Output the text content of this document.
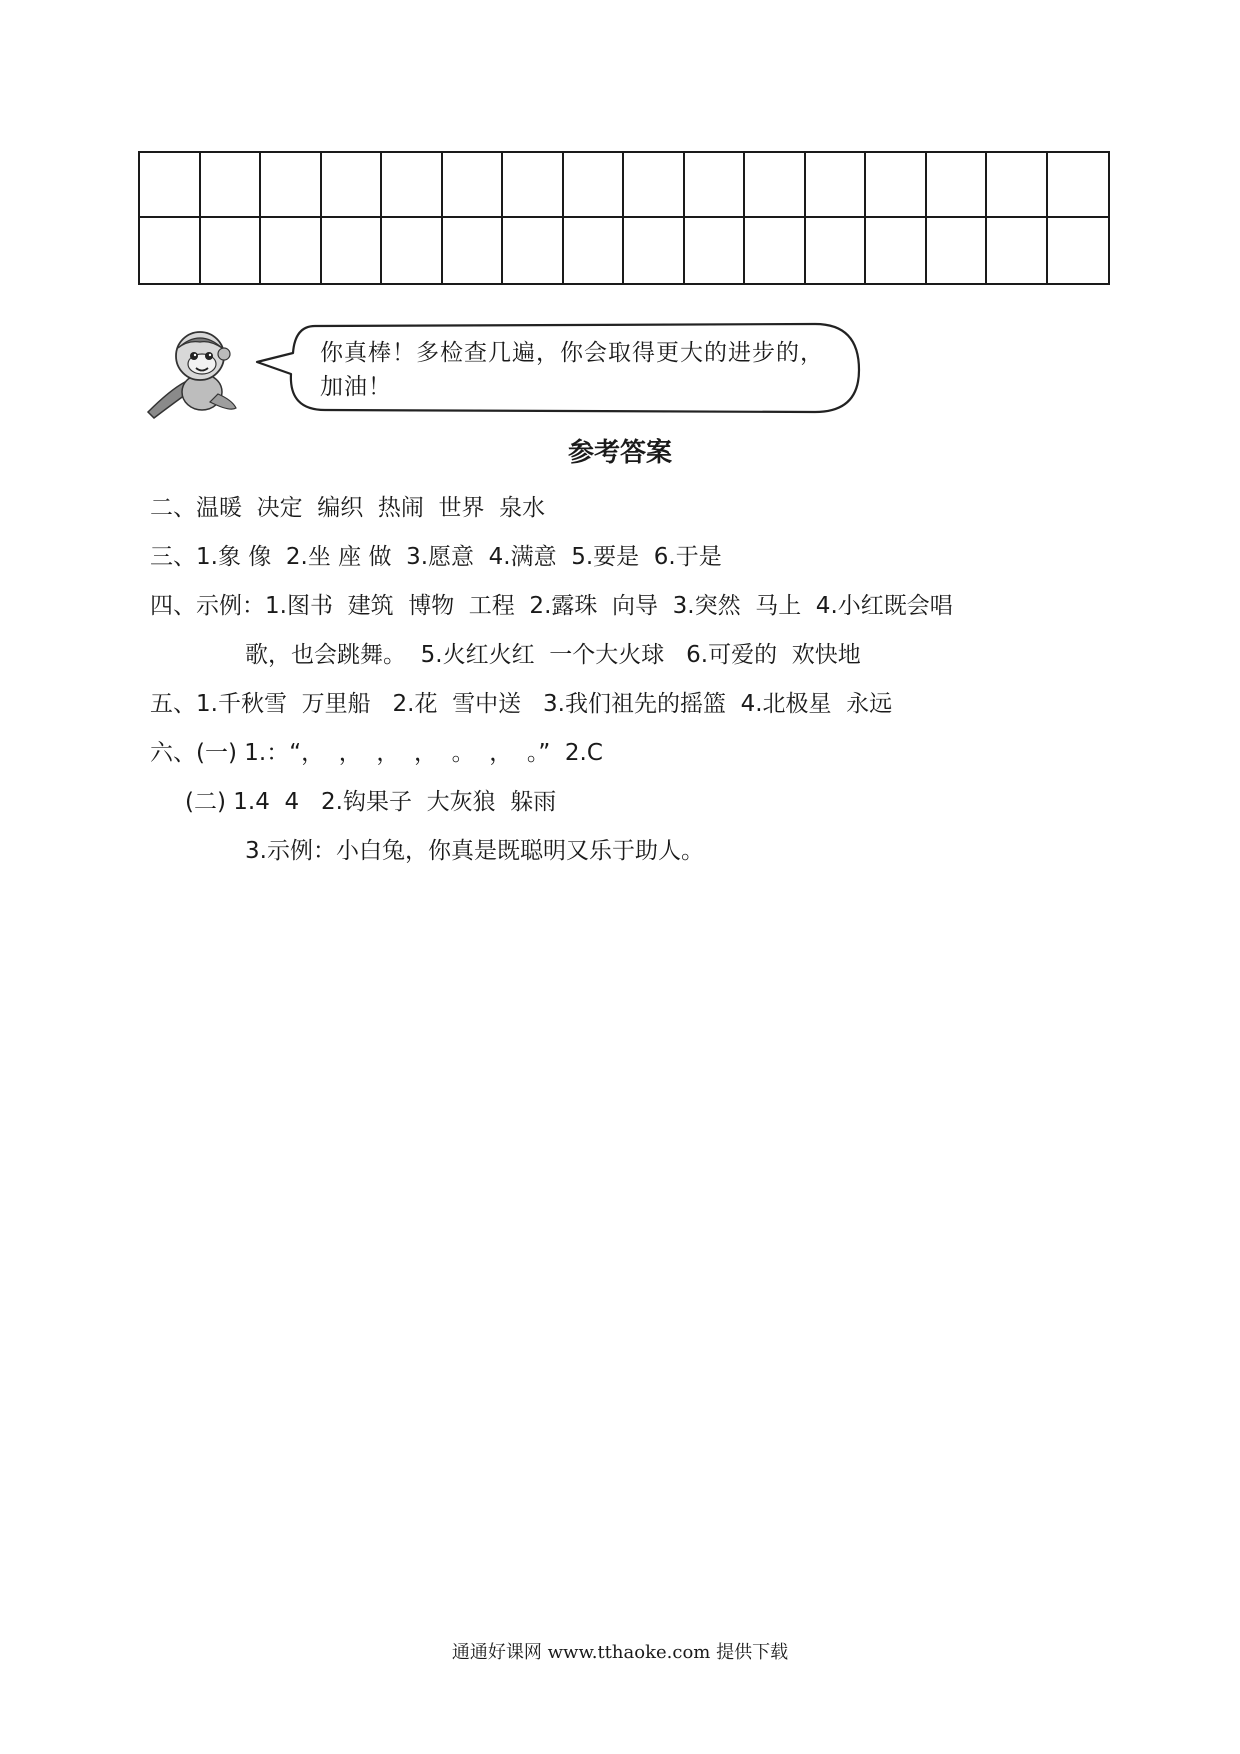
你真棒！多检查几遍，你会取得更大的进步的，
加油！
参考答案
二、温暖  决定  编织  热闹  世界  泉水
三、1.象 像  2.坐 座 做  3.愿意  4.满意  5.要是  6.于是
四、示例：1.图书  建筑  博物  工程  2.露珠  向导  3.突然  马上  4.小红既会唱
歌，也会跳舞。  5.火红火红  一个大火球   6.可爱的  欢快地
五、1.千秋雪  万里船   2.花  雪中送   3.我们祖先的摇篮  4.北极星  永远
六、(一) 1.：“，  ，  ，  ，  。  ，  。”  2.C
(二) 1.4  4   2.钩果子  大灰狼  躲雨
3.示例：小白兔，你真是既聪明又乐于助人。
通通好课网 www.tthaoke.com 提供下载
